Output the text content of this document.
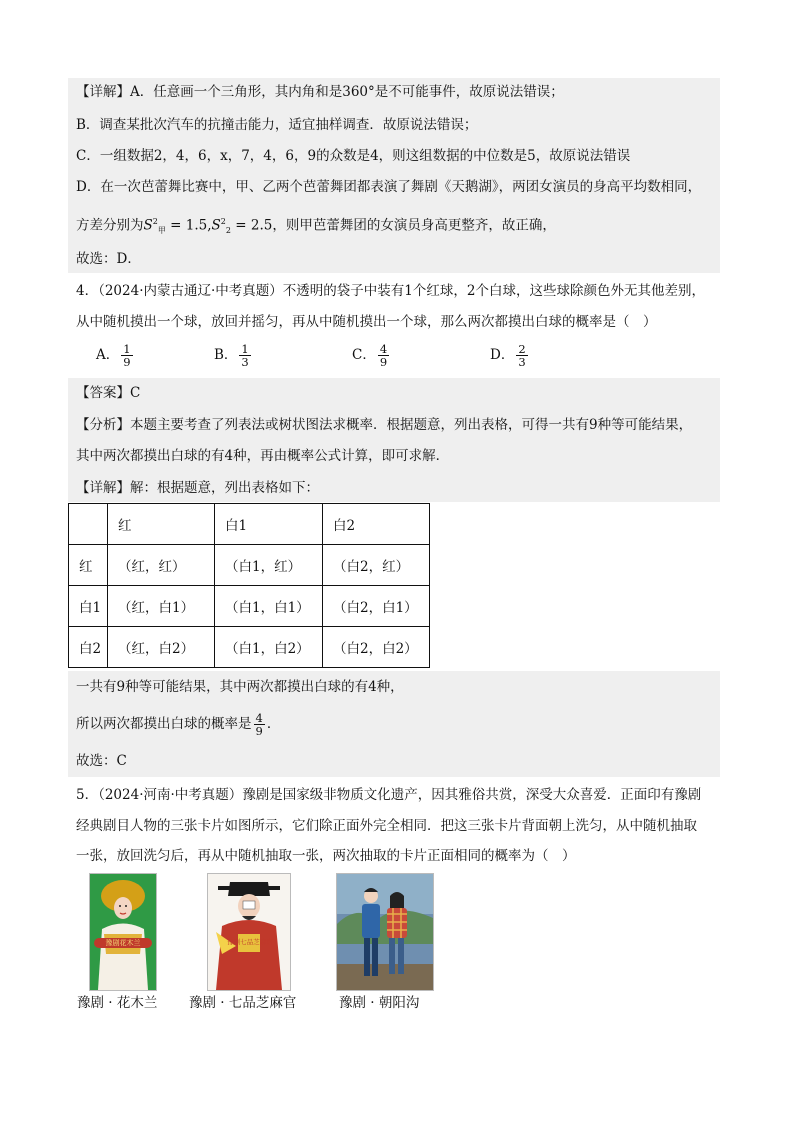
【详解】A．任意画一个三角形，其内角和是360°是不可能事件，故原说法错误；
B．调查某批次汽车的抗撞击能力，适宜抽样调查．故原说法错误；
C．一组数据2，4，6，x，7，4，6，9的众数是4，则这组数据的中位数是5，故原说法错误
D．在一次芭蕾舞比赛中，甲、乙两个芭蕾舞团都表演了舞剧《天鹅湖》，两团女演员的身高平均数相同，
方差分别为$S^2_甲 = 1.5,S^2_2 = 2.5$，则甲芭蕾舞团的女演员身高更整齐，故正确，
故选：D．
4．（2024·内蒙古通辽·中考真题）不透明的袋子中装有1个红球，2个白球，这些球除颜色外无其他差别，
从中随机摸出一个球，放回并摇匀，再从中随机摸出一个球，那么两次都摸出白球的概率是（　）
A． $\frac{1}{9}$	B． $\frac{1}{3}$	C． $\frac{4}{9}$	D． $\frac{2}{3}$
【答案】C
【分析】本题主要考查了列表法或树状图法求概率．根据题意，列出表格，可得一共有9种等可能结果，
其中两次都摸出白球的有4种，再由概率公式计算，即可求解．
【详解】解：根据题意，列出表格如下：
	红	白1	白2
红	（红，红）	（白1，红）	（白2，红）
白1	（红，白1）	（白1，白1）	（白2，白1）
白2	（红，白2）	（白1，白2）	（白2，白2）
一共有9种等可能结果，其中两次都摸出白球的有4种，
所以两次都摸出白球的概率是 $\frac{4}{9}$ ．
故选：C
5．（2024·河南·中考真题）豫剧是国家级非物质文化遗产，因其雅俗共赏，深受大众喜爱．正面印有豫剧
经典剧目人物的三张卡片如图所示，它们除正面外完全相同．把这三张卡片背面朝上洗匀，从中随机抽取
一张，放回洗匀后，再从中随机抽取一张，两次抽取的卡片正面相同的概率为（　）
豫剧花木兰
豫剧 · 花木兰
豫剧七品芝麻官
豫剧 · 七品芝麻官	豫剧 · 朝阳沟
